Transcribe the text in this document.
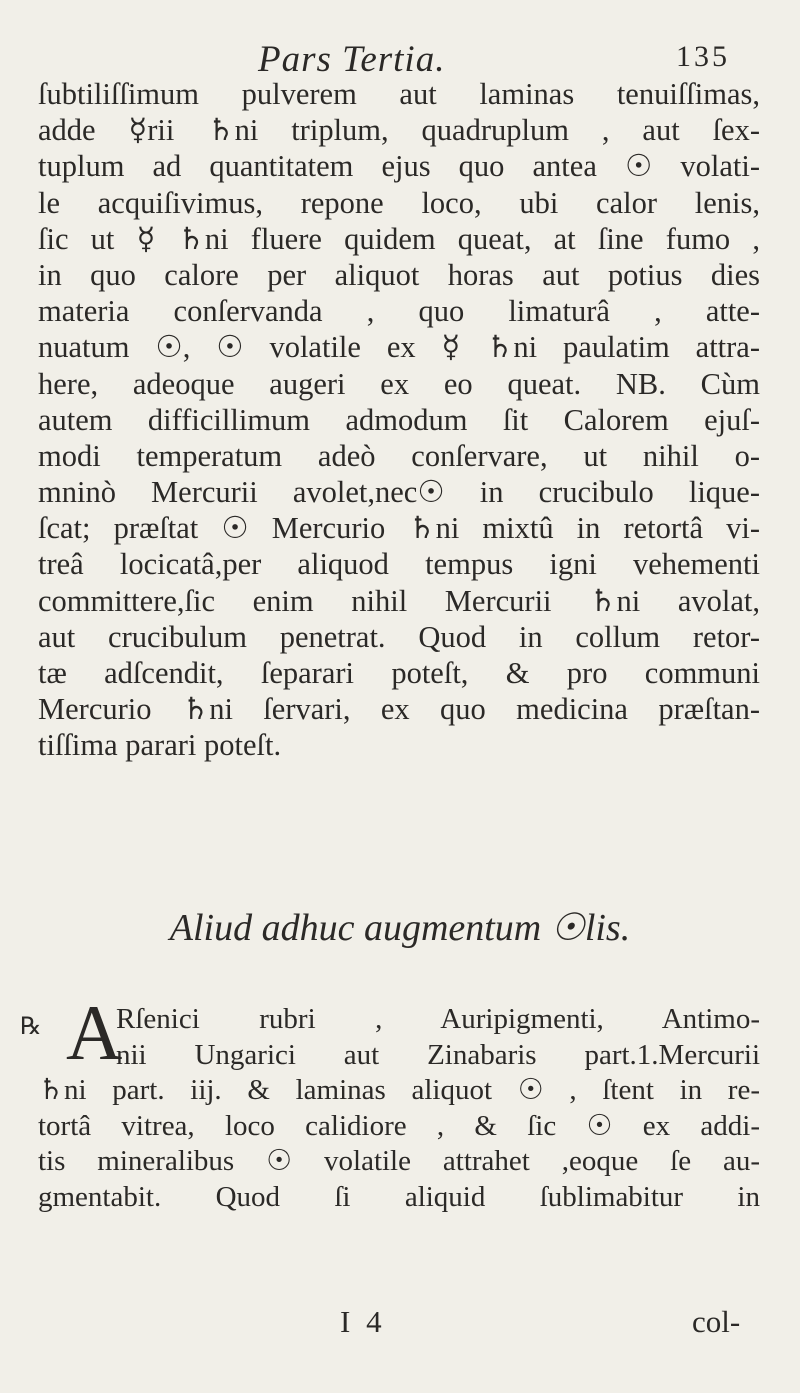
Pars Tertia.	135
ſubtiliſſimum pulverem aut laminas tenuiſſimas,
adde ☿rii ♄ni triplum, quadruplum , aut ſex-
tuplum ad quantitatem ejus quo antea ☉ volati-
le acquiſivimus, repone loco, ubi calor lenis,
ſic ut ☿ ♄ni fluere quidem queat, at ſine fumo ,
in quo calore per aliquot horas aut potius dies
materia conſervanda , quo limaturâ , atte-
nuatum ☉, ☉ volatile ex ☿ ♄ni paulatim attra-
here, adeoque augeri ex eo queat. NB. Cùm
autem difficillimum admodum ſit Calorem ejuſ-
modi temperatum adeò conſervare, ut nihil o-
mninò Mercurii avolet,nec☉ in crucibulo lique-
ſcat; præſtat ☉ Mercurio ♄ni mixtû in retortâ vi-
treâ locicatâ,per aliquod tempus igni vehementi
committere,ſic enim nihil Mercurii ♄ni avolat,
aut crucibulum penetrat. Quod in collum retor-
tæ adſcendit, ſeparari poteſt, & pro communi
Mercurio ♄ni ſervari, ex quo medicina præſtan-
tiſſima parari poteſt.
Aliud adhuc augmentum ☉lis.
℞ A
Rſenici rubri , Auripigmenti, Antimo-
nii Ungarici aut Zinabaris part.1.Mercurii
♄ni part. iij. & laminas aliquot ☉ , ſtent in re-
tortâ vitrea, loco calidiore , & ſic ☉ ex addi-
tis mineralibus ☉ volatile attrahet ,eoque ſe au-
gmentabit. Quod ſi aliquid ſublimabitur in
I 4	col-
